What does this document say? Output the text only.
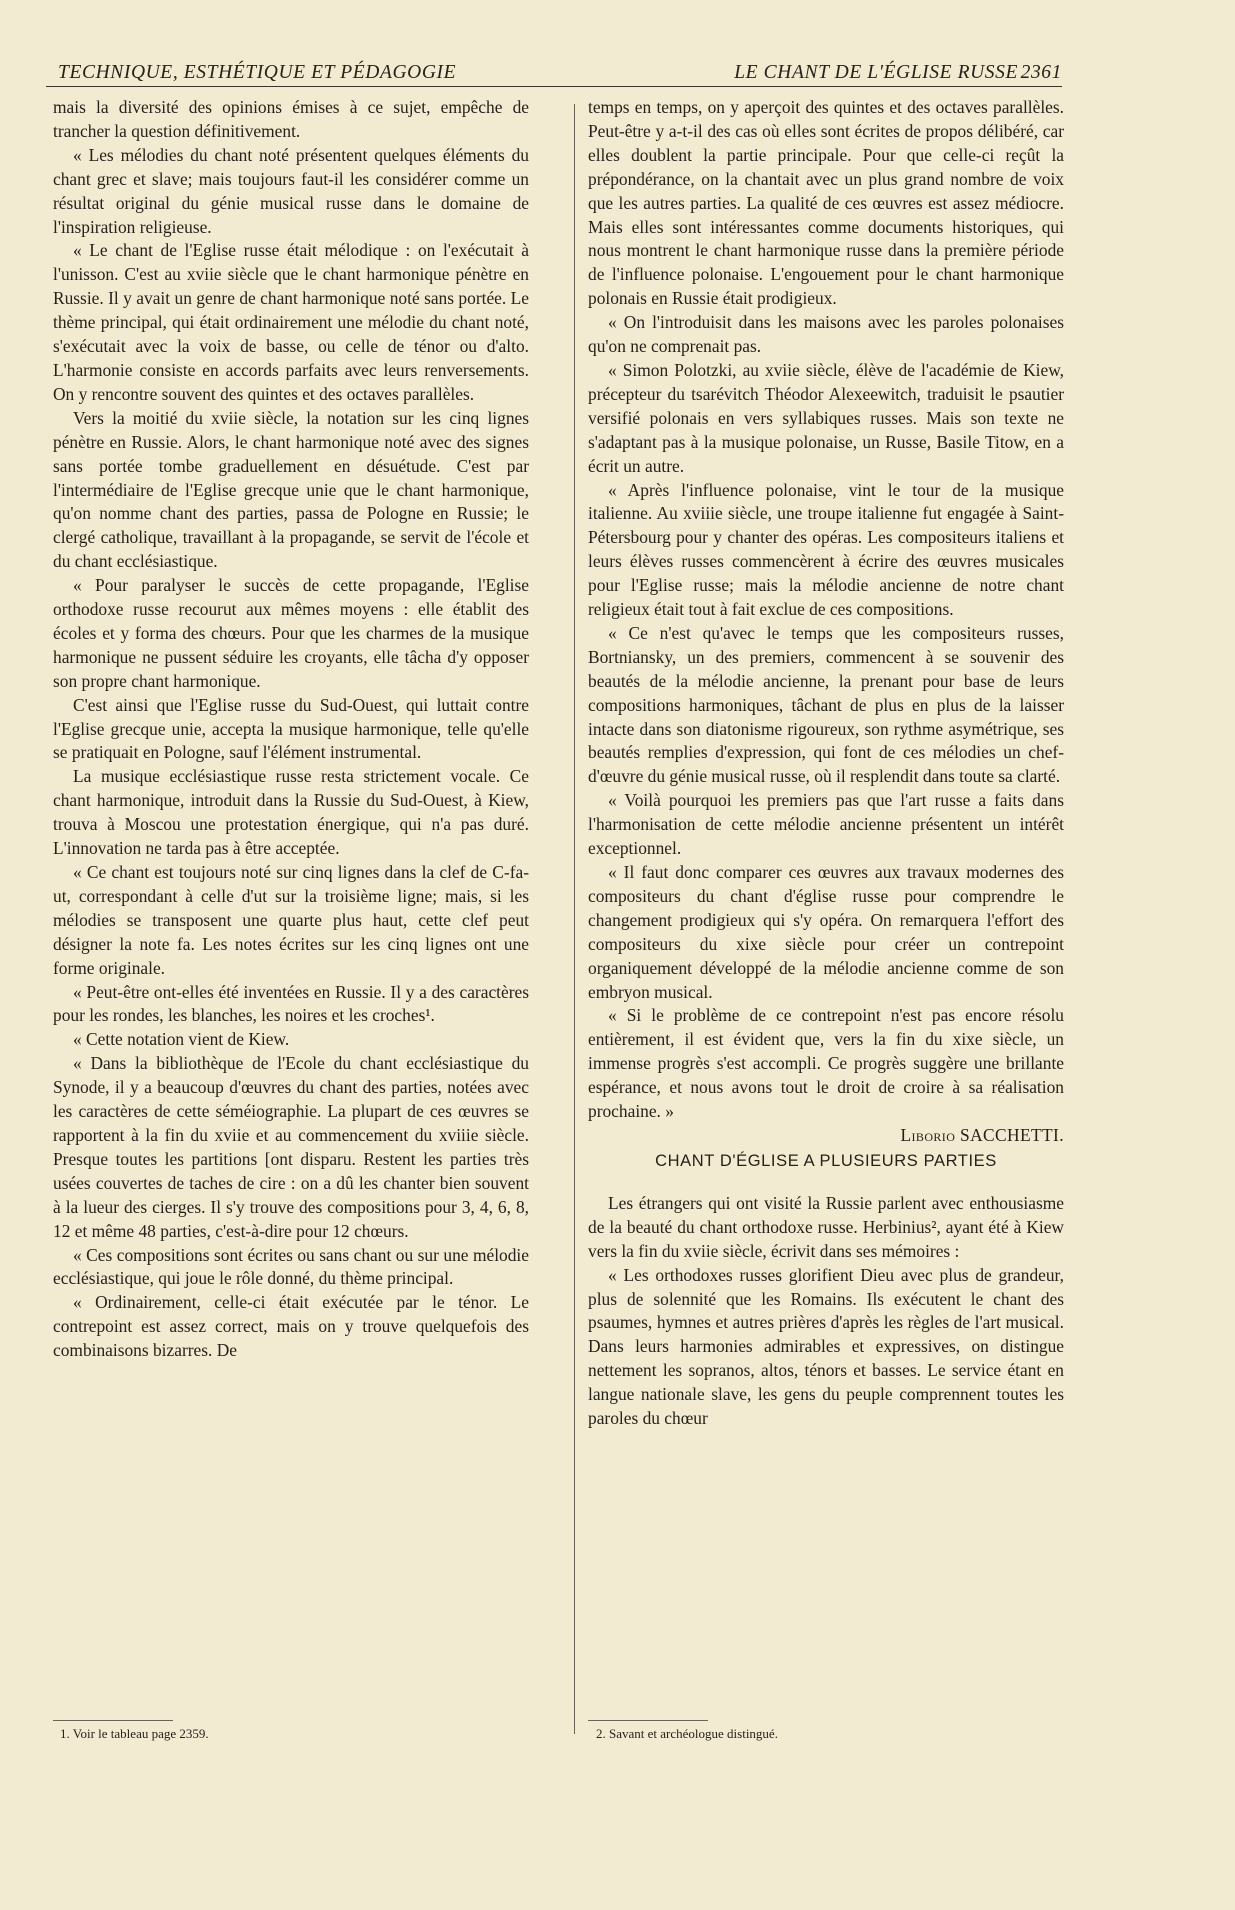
TECHNIQUE, ESTHÉTIQUE ET PÉDAGOGIE	LE CHANT DE L'ÉGLISE RUSSE 2361

mais la diversité des opinions émises à ce sujet, empêche de trancher la question définitivement.

« Les mélodies du chant noté présentent quelques éléments du chant grec et slave; mais toujours faut-il les considérer comme un résultat original du génie musical russe dans le domaine de l'inspiration religieuse.

« Le chant de l'Eglise russe était mélodique : on l'exécutait à l'unisson. C'est au xviie siècle que le chant harmonique pénètre en Russie. Il y avait un genre de chant harmonique noté sans portée. Le thème principal, qui était ordinairement une mélodie du chant noté, s'exécutait avec la voix de basse, ou celle de ténor ou d'alto. L'harmonie consiste en accords parfaits avec leurs renversements. On y rencontre souvent des quintes et des octaves parallèles.

Vers la moitié du xviie siècle, la notation sur les cinq lignes pénètre en Russie. Alors, le chant harmonique noté avec des signes sans portée tombe graduellement en désuétude. C'est par l'intermédiaire de l'Eglise grecque unie que le chant harmonique, qu'on nomme chant des parties, passa de Pologne en Russie; le clergé catholique, travaillant à la propagande, se servit de l'école et du chant ecclésiastique.

« Pour paralyser le succès de cette propagande, l'Eglise orthodoxe russe recourut aux mêmes moyens : elle établit des écoles et y forma des chœurs. Pour que les charmes de la musique harmonique ne pussent séduire les croyants, elle tâcha d'y opposer son propre chant harmonique.

C'est ainsi que l'Eglise russe du Sud-Ouest, qui luttait contre l'Eglise grecque unie, accepta la musique harmonique, telle qu'elle se pratiquait en Pologne, sauf l'élément instrumental.

La musique ecclésiastique russe resta strictement vocale. Ce chant harmonique, introduit dans la Russie du Sud-Ouest, à Kiew, trouva à Moscou une protestation énergique, qui n'a pas duré. L'innovation ne tarda pas à être acceptée.

« Ce chant est toujours noté sur cinq lignes dans la clef de C-fa-ut, correspondant à celle d'ut sur la troisième ligne; mais, si les mélodies se transposent une quarte plus haut, cette clef peut désigner la note fa. Les notes écrites sur les cinq lignes ont une forme originale.

« Peut-être ont-elles été inventées en Russie. Il y a des caractères pour les rondes, les blanches, les noires et les croches¹.

« Cette notation vient de Kiew.

« Dans la bibliothèque de l'Ecole du chant ecclésiastique du Synode, il y a beaucoup d'œuvres du chant des parties, notées avec les caractères de cette séméiographie. La plupart de ces œuvres se rapportent à la fin du xviie et au commencement du xviiie siècle. Presque toutes les partitions [ont disparu. Restent les parties très usées couvertes de taches de cire : on a dû les chanter bien souvent à la lueur des cierges. Il s'y trouve des compositions pour 3, 4, 6, 8, 12 et même 48 parties, c'est-à-dire pour 12 chœurs.

« Ces compositions sont écrites ou sans chant ou sur une mélodie ecclésiastique, qui joue le rôle donné, du thème principal.

« Ordinairement, celle-ci était exécutée par le ténor. Le contrepoint est assez correct, mais on y trouve quelquefois des combinaisons bizarres. De

temps en temps, on y aperçoit des quintes et des octaves parallèles. Peut-être y a-t-il des cas où elles sont écrites de propos délibéré, car elles doublent la partie principale. Pour que celle-ci reçût la prépondérance, on la chantait avec un plus grand nombre de voix que les autres parties. La qualité de ces œuvres est assez médiocre. Mais elles sont intéressantes comme documents historiques, qui nous montrent le chant harmonique russe dans la première période de l'influence polonaise. L'engouement pour le chant harmonique polonais en Russie était prodigieux.

« On l'introduisit dans les maisons avec les paroles polonaises qu'on ne comprenait pas.

« Simon Polotzki, au xviie siècle, élève de l'académie de Kiew, précepteur du tsarévitch Théodor Alexeewitch, traduisit le psautier versifié polonais en vers syllabiques russes. Mais son texte ne s'adaptant pas à la musique polonaise, un Russe, Basile Titow, en a écrit un autre.

« Après l'influence polonaise, vint le tour de la musique italienne. Au xviiie siècle, une troupe italienne fut engagée à Saint-Pétersbourg pour y chanter des opéras. Les compositeurs italiens et leurs élèves russes commencèrent à écrire des œuvres musicales pour l'Eglise russe; mais la mélodie ancienne de notre chant religieux était tout à fait exclue de ces compositions.

« Ce n'est qu'avec le temps que les compositeurs russes, Bortniansky, un des premiers, commencent à se souvenir des beautés de la mélodie ancienne, la prenant pour base de leurs compositions harmoniques, tâchant de plus en plus de la laisser intacte dans son diatonisme rigoureux, son rythme asymétrique, ses beautés remplies d'expression, qui font de ces mélodies un chef-d'œuvre du génie musical russe, où il resplendit dans toute sa clarté.

« Voilà pourquoi les premiers pas que l'art russe a faits dans l'harmonisation de cette mélodie ancienne présentent un intérêt exceptionnel.

« Il faut donc comparer ces œuvres aux travaux modernes des compositeurs du chant d'église russe pour comprendre le changement prodigieux qui s'y opéra. On remarquera l'effort des compositeurs du xixe siècle pour créer un contrepoint organiquement développé de la mélodie ancienne comme de son embryon musical.

« Si le problème de ce contrepoint n'est pas encore résolu entièrement, il est évident que, vers la fin du xixe siècle, un immense progrès s'est accompli. Ce progrès suggère une brillante espérance, et nous avons tout le droit de croire à sa réalisation prochaine. »

Liborio SACCHETTI.

CHANT D'ÉGLISE A PLUSIEURS PARTIES

Les étrangers qui ont visité la Russie parlent avec enthousiasme de la beauté du chant orthodoxe russe. Herbinius², ayant été à Kiew vers la fin du xviie siècle, écrivit dans ses mémoires :

« Les orthodoxes russes glorifient Dieu avec plus de grandeur, plus de solennité que les Romains. Ils exécutent le chant des psaumes, hymnes et autres prières d'après les règles de l'art musical. Dans leurs harmonies admirables et expressives, on distingue nettement les sopranos, altos, ténors et basses. Le service étant en langue nationale slave, les gens du peuple comprennent toutes les paroles du chœur

1. Voir le tableau page 2359.	2. Savant et archéologue distingué.
